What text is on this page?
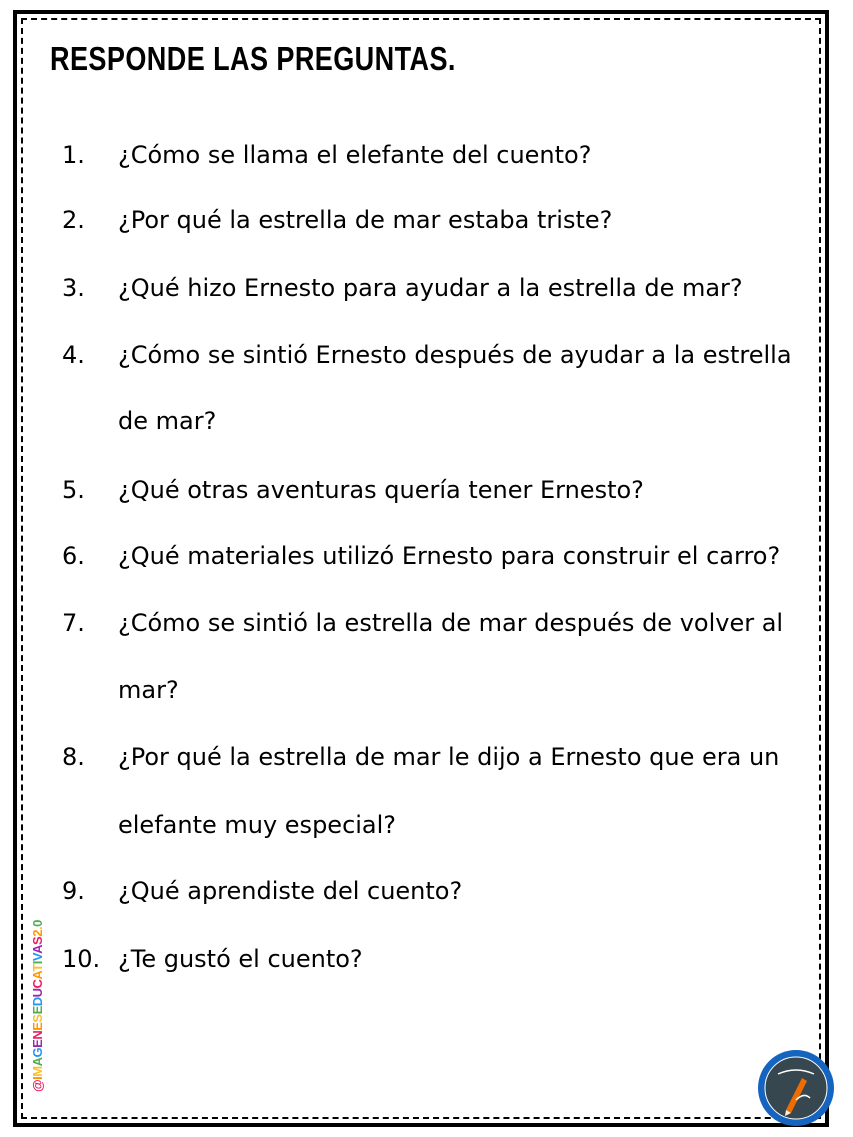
RESPONDE LAS PREGUNTAS.
1. ¿Cómo se llama el elefante del cuento?
2. ¿Por qué la estrella de mar estaba triste?
3. ¿Qué hizo Ernesto para ayudar a la estrella de mar?
4. ¿Cómo se sintió Ernesto después de ayudar a la estrella
de mar?
5. ¿Qué otras aventuras quería tener Ernesto?
6. ¿Qué materiales utilizó Ernesto para construir el carro?
7. ¿Cómo se sintió la estrella de mar después de volver al
mar?
8. ¿Por qué la estrella de mar le dijo a Ernesto que era un
elefante muy especial?
9. ¿Qué aprendiste del cuento?
10. ¿Te gustó el cuento?
@IMAGENESEDUCATIVAS2.0
